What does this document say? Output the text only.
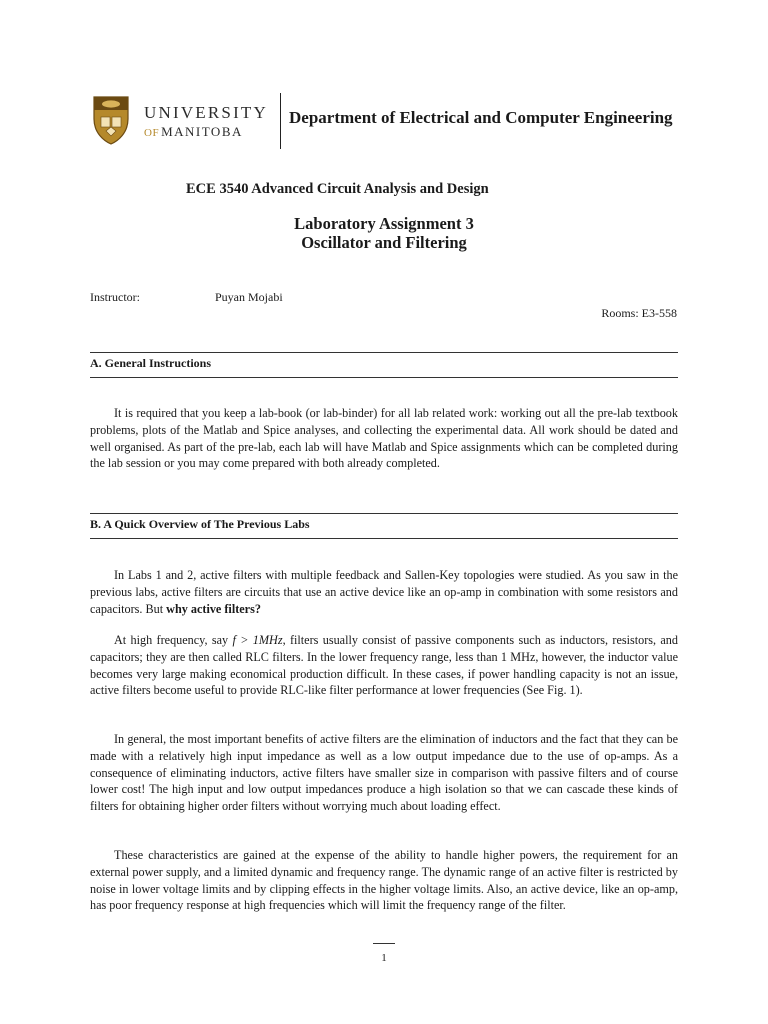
UNIVERSITY
OF MANITOBA
Department of Electrical and Computer Engineering
ECE 3540 Advanced Circuit Analysis and Design
Laboratory Assignment 3
Oscillator and Filtering
Instructor:	Puyan Mojabi
Rooms: E3-558
A. General Instructions

It is required that you keep a lab-book (or lab-binder) for all lab related work: working out all the pre-lab textbook problems, plots of the Matlab and Spice analyses, and collecting the experimental data. All work should be dated and well organised. As part of the pre-lab, each lab will have Matlab and Spice assignments which can be completed during the lab session or you may come prepared with both already completed.

B. A Quick Overview of The Previous Labs

In Labs 1 and 2, active filters with multiple feedback and Sallen-Key topologies were studied. As you saw in the previous labs, active filters are circuits that use an active device like an op-amp in combination with some resistors and capacitors. But why active filters?

At high frequency, say f > 1MHz, filters usually consist of passive components such as inductors, resistors, and capacitors; they are then called RLC filters. In the lower frequency range, less than 1 MHz, however, the inductor value becomes very large making economical production difficult. In these cases, if power handling capacity is not an issue, active filters become useful to provide RLC-like filter performance at lower frequencies (See Fig. 1).

In general, the most important benefits of active filters are the elimination of inductors and the fact that they can be made with a relatively high input impedance as well as a low output impedance due to the use of op-amps. As a consequence of eliminating inductors, active filters have smaller size in comparison with passive filters and of course lower cost! The high input and low output impedances produce a high isolation so that we can cascade these kinds of filters for obtaining higher order filters without worrying much about loading effect.

These characteristics are gained at the expense of the ability to handle higher powers, the requirement for an external power supply, and a limited dynamic and frequency range. The dynamic range of an active filter is restricted by noise in lower voltage limits and by clipping effects in the higher voltage limits. Also, an active device, like an op-amp, has poor frequency response at high frequencies which will limit the frequency range of the filter.

1
